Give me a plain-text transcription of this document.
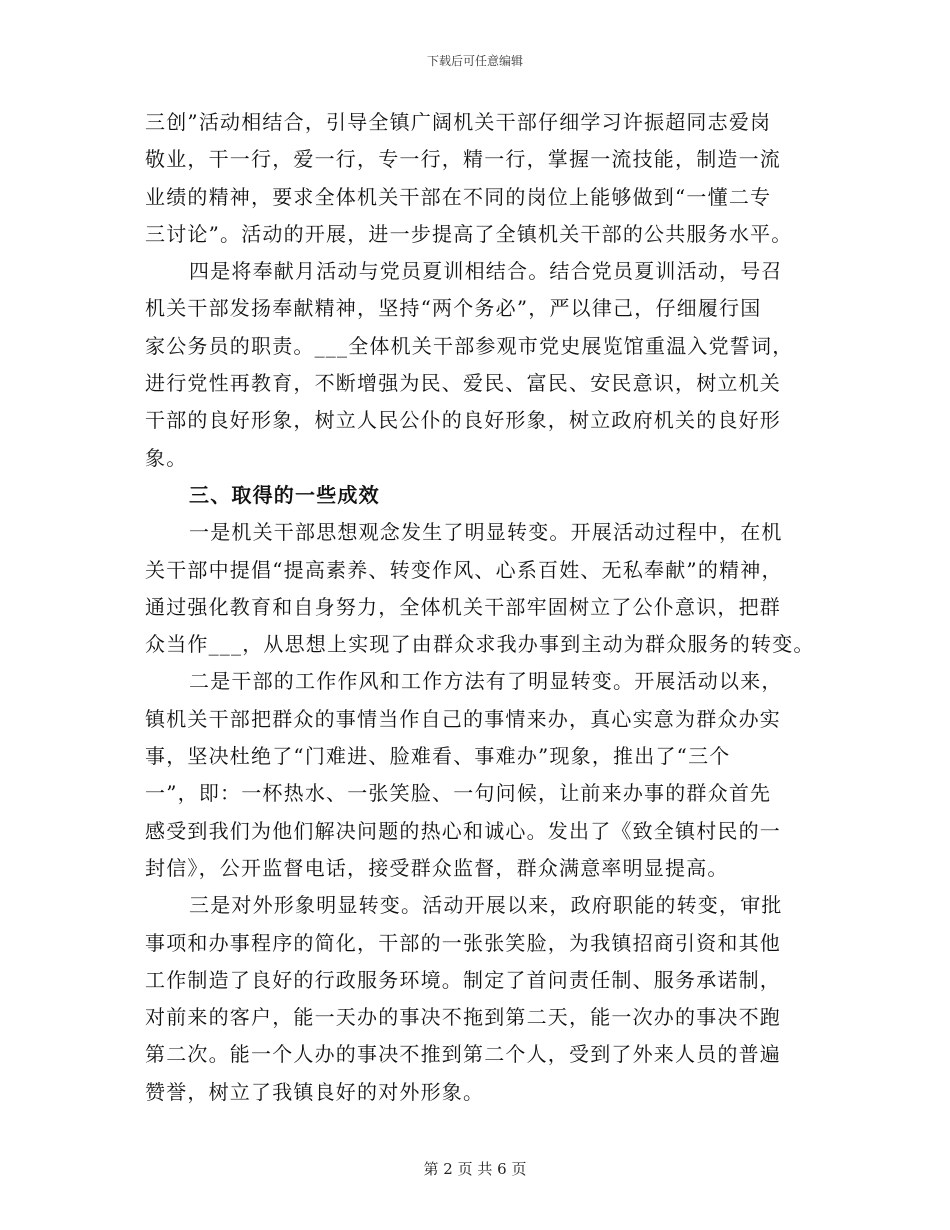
下载后可任意编辑
三创”活动相结合，引导全镇广阔机关干部仔细学习许振超同志爱岗
敬业，干一行，爱一行，专一行，精一行，掌握一流技能，制造一流
业绩的精神，要求全体机关干部在不同的岗位上能够做到“一懂二专
三讨论”。活动的开展，进一步提高了全镇机关干部的公共服务水平。
四是将奉献月活动与党员夏训相结合。结合党员夏训活动，号召
机关干部发扬奉献精神，坚持“两个务必”，严以律己，仔细履行国
家公务员的职责。___全体机关干部参观市党史展览馆重温入党誓词，
进行党性再教育，不断增强为民、爱民、富民、安民意识，树立机关
干部的良好形象，树立人民公仆的良好形象，树立政府机关的良好形
象。
三、取得的一些成效
一是机关干部思想观念发生了明显转变。开展活动过程中，在机
关干部中提倡“提高素养、转变作风、心系百姓、无私奉献”的精神，
通过强化教育和自身努力，全体机关干部牢固树立了公仆意识，把群
众当作___，从思想上实现了由群众求我办事到主动为群众服务的转变。
二是干部的工作作风和工作方法有了明显转变。开展活动以来，
镇机关干部把群众的事情当作自己的事情来办，真心实意为群众办实
事，坚决杜绝了“门难进、脸难看、事难办”现象，推出了“三个
一”，即：一杯热水、一张笑脸、一句问候，让前来办事的群众首先
感受到我们为他们解决问题的热心和诚心。发出了《致全镇村民的一
封信》，公开监督电话，接受群众监督，群众满意率明显提高。
三是对外形象明显转变。活动开展以来，政府职能的转变，审批
事项和办事程序的简化，干部的一张张笑脸，为我镇招商引资和其他
工作制造了良好的行政服务环境。制定了首问责任制、服务承诺制，
对前来的客户，能一天办的事决不拖到第二天，能一次办的事决不跑
第二次。能一个人办的事决不推到第二个人，受到了外来人员的普遍
赞誉，树立了我镇良好的对外形象。
第 2 页 共 6 页
